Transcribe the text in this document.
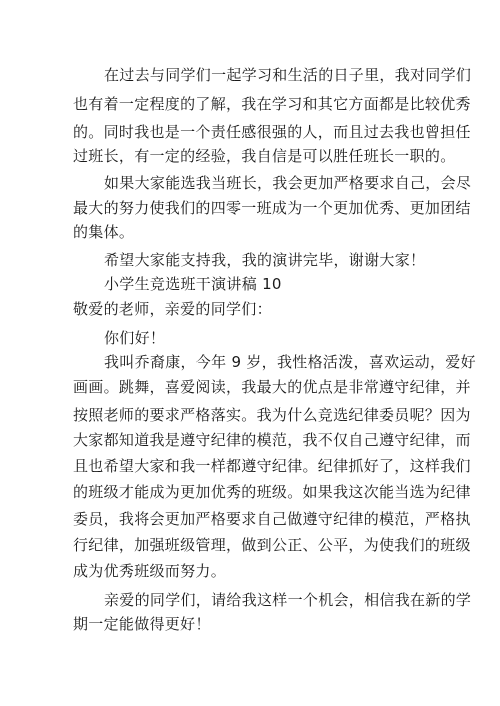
在过去与同学们一起学习和生活的日子里，我对同学们
也有着一定程度的了解，我在学习和其它方面都是比较优秀
的。同时我也是一个责任感很强的人，而且过去我也曾担任
过班长，有一定的经验，我自信是可以胜任班长一职的。
如果大家能选我当班长，我会更加严格要求自己，会尽
最大的努力使我们的四零一班成为一个更加优秀、更加团结
的集体。
希望大家能支持我，我的演讲完毕，谢谢大家！
小学生竞选班干演讲稿 10
敬爱的老师，亲爱的同学们：
你们好！
我叫乔裔康，今年 9 岁，我性格活泼，喜欢运动，爱好
画画。跳舞，喜爱阅读，我最大的优点是非常遵守纪律，并
按照老师的要求严格落实。我为什么竞选纪律委员呢？因为
大家都知道我是遵守纪律的模范，我不仅自己遵守纪律，而
且也希望大家和我一样都遵守纪律。纪律抓好了，这样我们
的班级才能成为更加优秀的班级。如果我这次能当选为纪律
委员，我将会更加严格要求自己做遵守纪律的模范，严格执
行纪律，加强班级管理，做到公正、公平，为使我们的班级
成为优秀班级而努力。
亲爱的同学们，请给我这样一个机会，相信我在新的学
期一定能做得更好！
